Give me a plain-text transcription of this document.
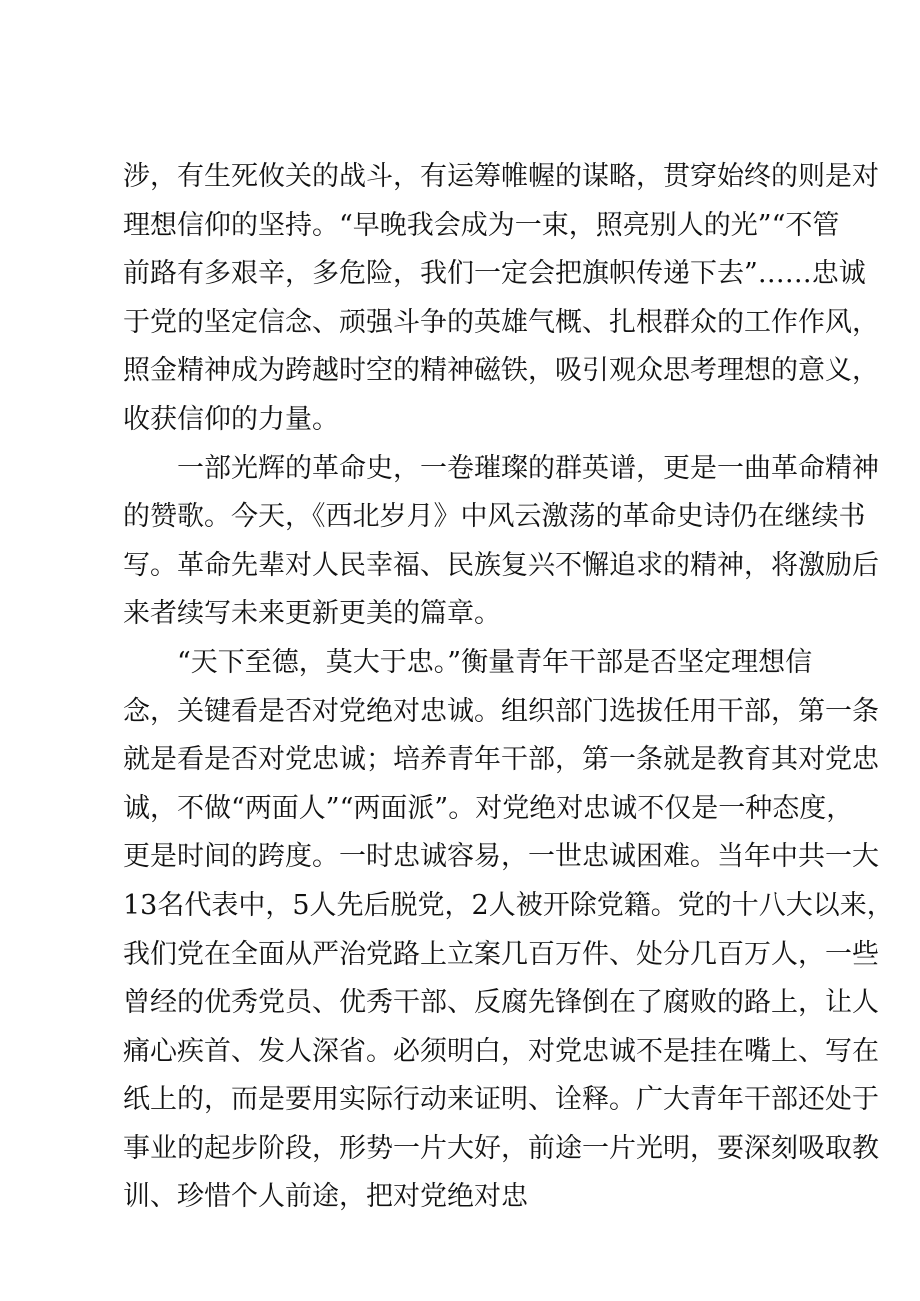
涉，有生死攸关的战斗，有运筹帷幄的谋略，贯穿始终的则是对
理想信仰的坚持。“早晚我会成为一束，照亮别人的光”“不管
前路有多艰辛，多危险，我们一定会把旗帜传递下去”……忠诚
于党的坚定信念、顽强斗争的英雄气概、扎根群众的工作作风，
照金精神成为跨越时空的精神磁铁，吸引观众思考理想的意义，
收获信仰的力量。
一部光辉的革命史，一卷璀璨的群英谱，更是一曲革命精神
的赞歌。今天，《西北岁月》中风云激荡的革命史诗仍在继续书
写。革命先辈对人民幸福、民族复兴不懈追求的精神，将激励后
来者续写未来更新更美的篇章。
“天下至德，莫大于忠。”衡量青年干部是否坚定理想信
念，关键看是否对党绝对忠诚。组织部门选拔任用干部，第一条
就是看是否对党忠诚；培养青年干部，第一条就是教育其对党忠
诚，不做“两面人”“两面派”。对党绝对忠诚不仅是一种态度，
更是时间的跨度。一时忠诚容易，一世忠诚困难。当年中共一大
13名代表中，5人先后脱党，2人被开除党籍。党的十八大以来，
我们党在全面从严治党路上立案几百万件、处分几百万人，一些
曾经的优秀党员、优秀干部、反腐先锋倒在了腐败的路上，让人
痛心疾首、发人深省。必须明白，对党忠诚不是挂在嘴上、写在
纸上的，而是要用实际行动来证明、诠释。广大青年干部还处于
事业的起步阶段，形势一片大好，前途一片光明，要深刻吸取教
训、珍惜个人前途，把对党绝对忠
